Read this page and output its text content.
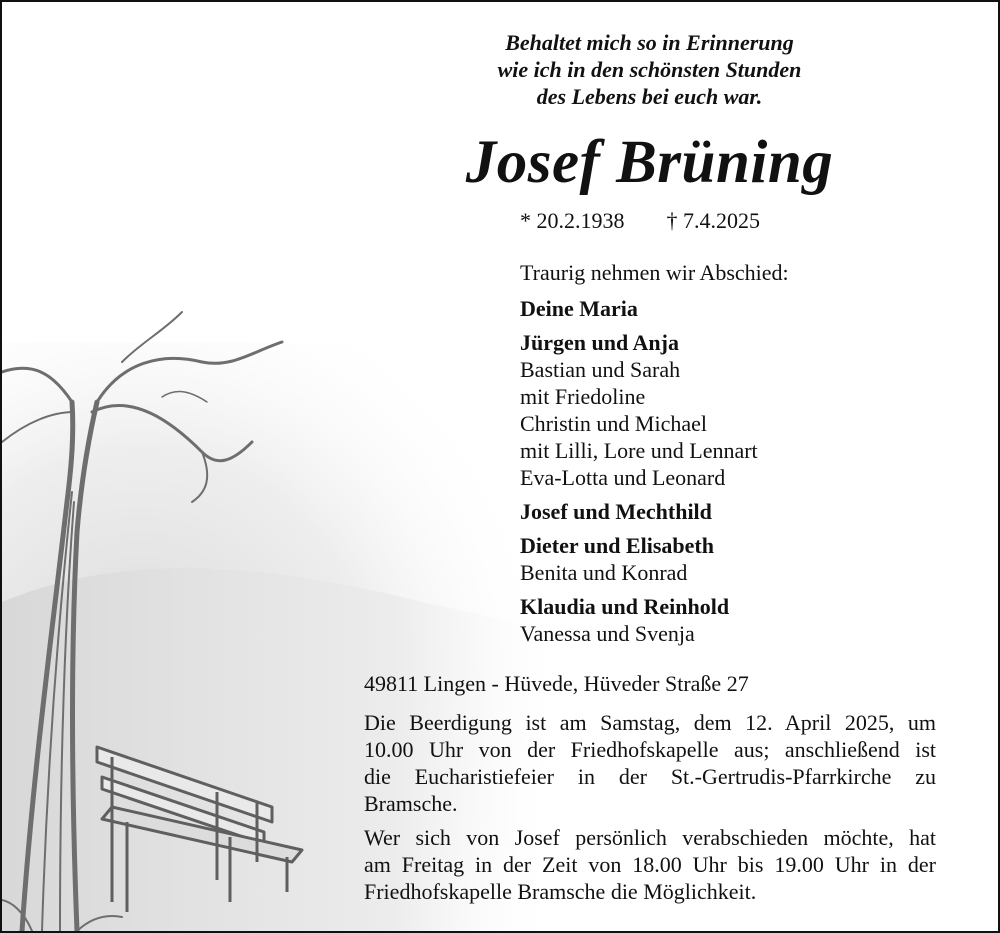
Behaltet mich so in Erinnerung
wie ich in den schönsten Stunden
des Lebens bei euch war.
Josef Brüning
* 20.2.1938 † 7.4.2025
Traurig nehmen wir Abschied:
Deine Maria
Jürgen und Anja
Bastian und Sarah
mit Friedoline
Christin und Michael
mit Lilli, Lore und Lennart
Eva-Lotta und Leonard
Josef und Mechthild
Dieter und Elisabeth
Benita und Konrad
Klaudia und Reinhold
Vanessa und Svenja
49811 Lingen - Hüvede, Hüveder Straße 27
Die Beerdigung ist am Samstag, dem 12. April 2025, um
10.00 Uhr von der Friedhofskapelle aus; anschließend ist
die Eucharistiefeier in der St.-Gertrudis-Pfarrkirche zu
Bramsche.
Wer sich von Josef persönlich verabschieden möchte, hat
am Freitag in der Zeit von 18.00 Uhr bis 19.00 Uhr in der
Friedhofskapelle Bramsche die Möglichkeit.
